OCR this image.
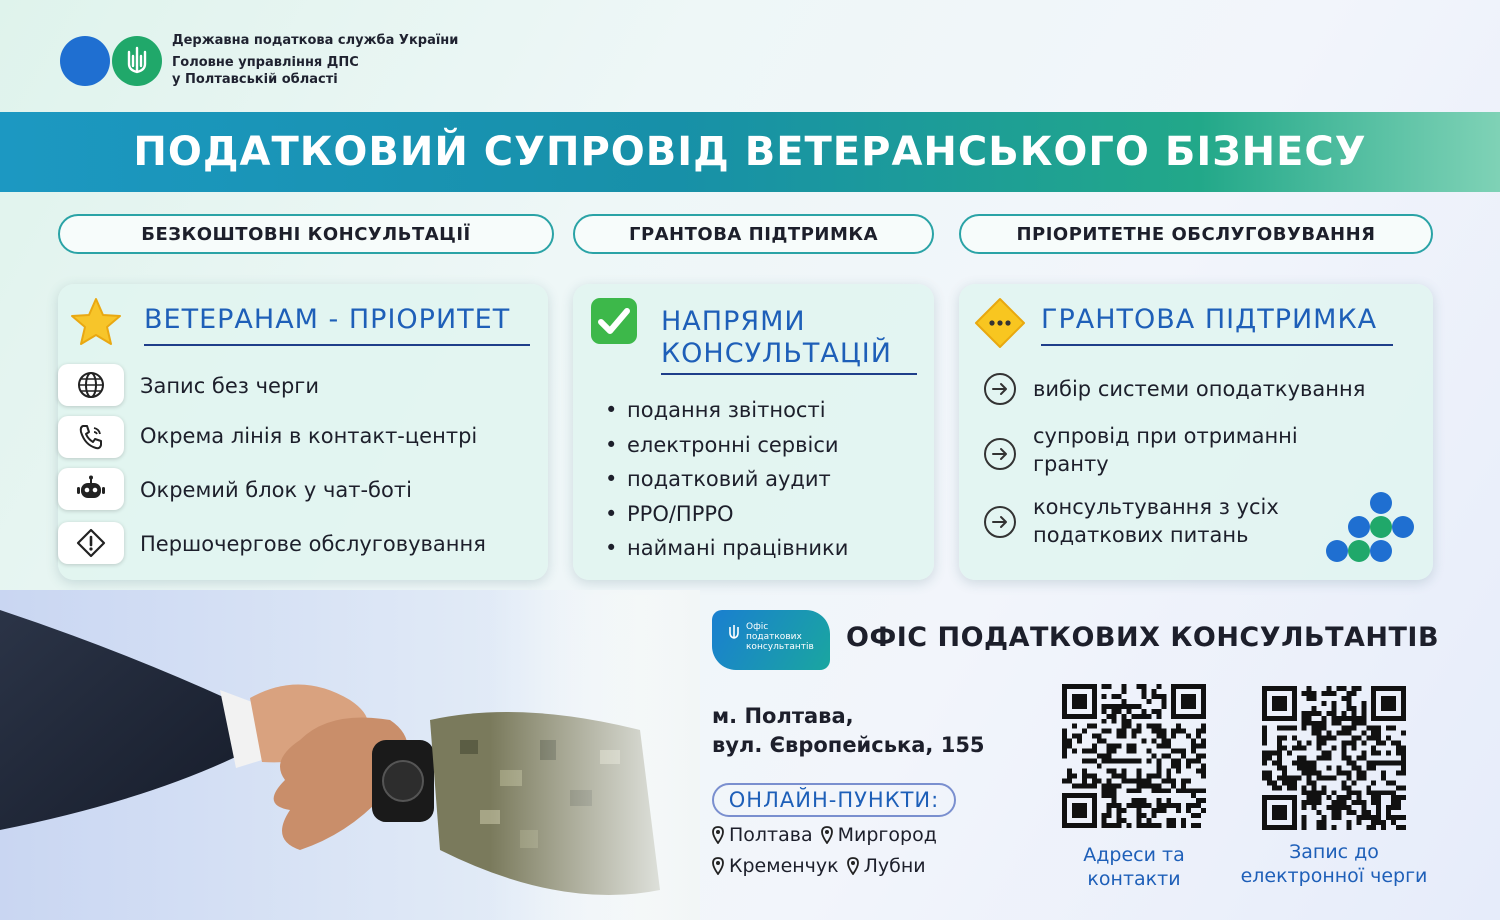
Державна податкова служба України
Головне управління ДПС
у Полтавській області
ПОДАТКОВИЙ СУПРОВІД ВЕТЕРАНСЬКОГО БІЗНЕСУ
БЕЗКОШТОВНІ КОНСУЛЬТАЦІЇ	ГРАНТОВА ПІДТРИМКА	ПРІОРИТЕТНЕ ОБСЛУГОВУВАННЯ
ВЕТЕРАНАМ - ПРІОРИТЕТ
Запис без черги
Окрема лінія в контакт-центрі
Окремий блок у чат-боті
Першочергове обслуговування
НАПРЯМИ
КОНСУЛЬТАЦІЙ
• подання звітності
• електронні сервіси
• податковий аудит
• РРО/ПРРО
• наймані працівники
ГРАНТОВА ПІДТРИМКА
вибір системи оподаткування
супровід при отриманні
гранту
консультування з усіх
податкових питань
Офіс
податкових
консультантів	ОФІС ПОДАТКОВИХ КОНСУЛЬТАНТІВ
м. Полтава,
вул. Європейська, 155
ОНЛАЙН-ПУНКТИ:
Полтава Миргород
Кременчук Лубни	Адреси та
контакти
Запис до
електронної черги
